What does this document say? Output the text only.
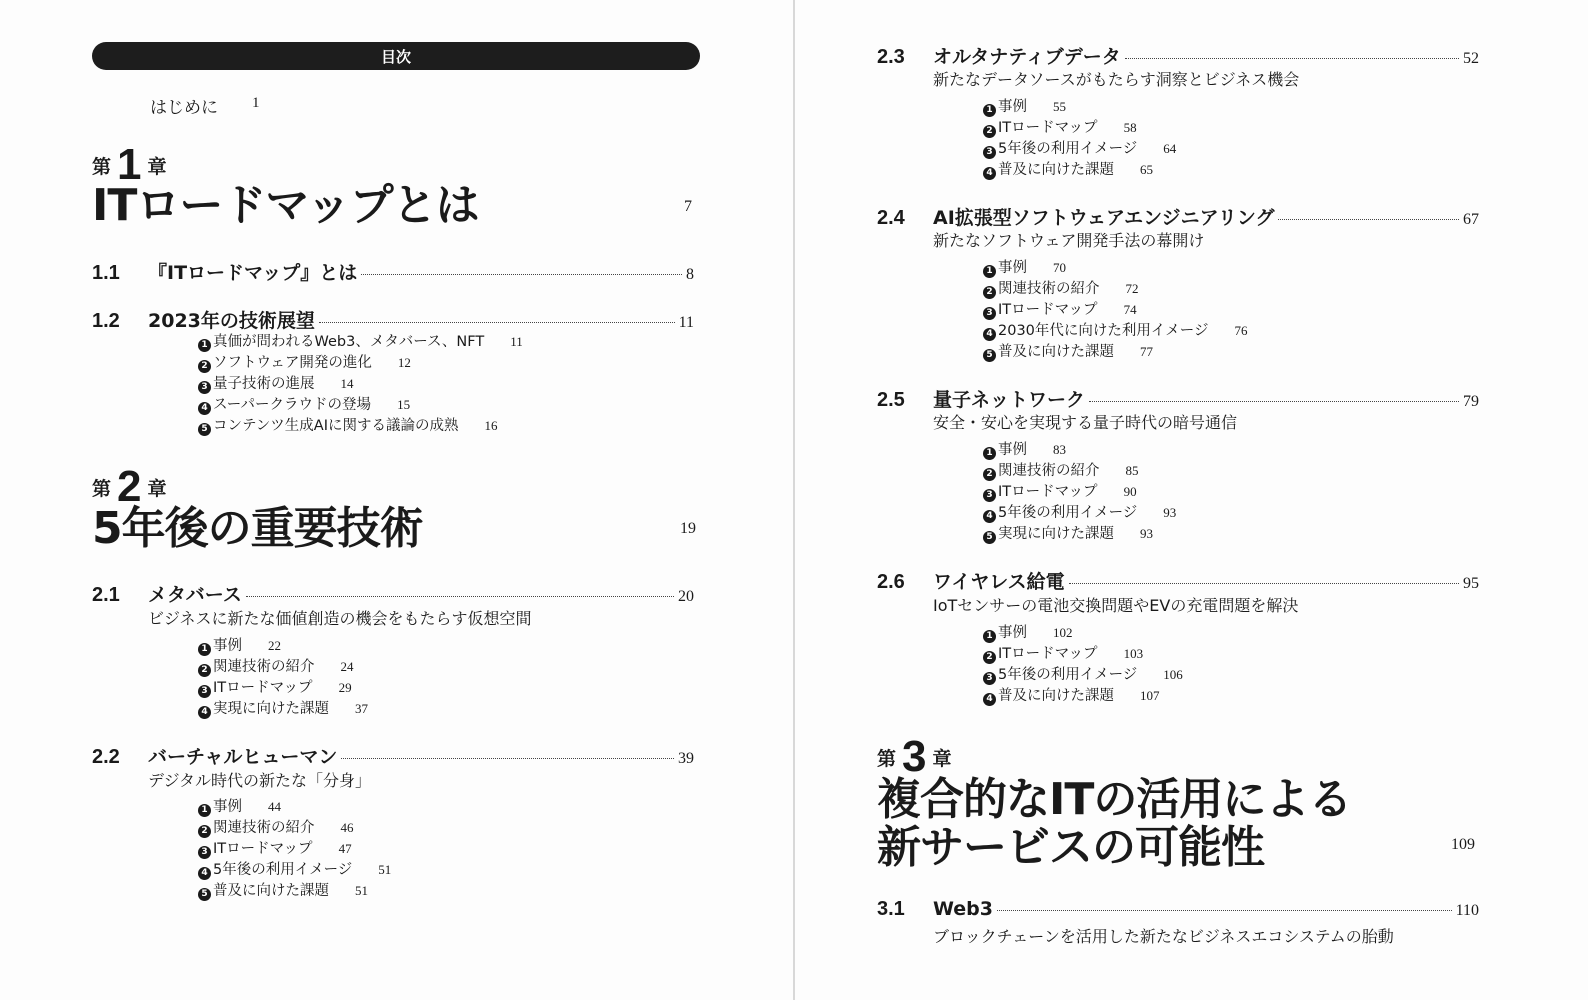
目次
はじめに 1
第 1 章
ITロードマップとは	7
1.1	『ITロードマップ』とは	8
1.2	2023年の技術展望	11
1 真価が問われるWeb3、メタバース、NFT 11
2 ソフトウェア開発の進化 12
3 量子技術の進展 14
4 スーパークラウドの登場 15
5 コンテンツ生成AIに関する議論の成熟 16
第 2 章
5年後の重要技術	19
2.1	メタバース	20
ビジネスに新たな価値創造の機会をもたらす仮想空間
1 事例 22
2 関連技術の紹介 24
3 ITロードマップ 29
4 実現に向けた課題 37
2.2	バーチャルヒューマン	39
デジタル時代の新たな「分身」
1 事例 44
2 関連技術の紹介 46
3 ITロードマップ 47
4 5年後の利用イメージ 51
5 普及に向けた課題 51
2.3	オルタナティブデータ	52
新たなデータソースがもたらす洞察とビジネス機会
1 事例 55
2 ITロードマップ 58
3 5年後の利用イメージ 64
4 普及に向けた課題 65
2.4	AI拡張型ソフトウェアエンジニアリング	67
新たなソフトウェア開発手法の幕開け
1 事例 70
2 関連技術の紹介 72
3 ITロードマップ 74
4 2030年代に向けた利用イメージ 76
5 普及に向けた課題 77
2.5	量子ネットワーク	79
安全・安心を実現する量子時代の暗号通信
1 事例 83
2 関連技術の紹介 85
3 ITロードマップ 90
4 5年後の利用イメージ 93
5 実現に向けた課題 93
2.6	ワイヤレス給電	95
IoTセンサーの電池交換問題やEVの充電問題を解決
1 事例 102
2 ITロードマップ 103
3 5年後の利用イメージ 106
4 普及に向けた課題 107
第 3 章
複合的なITの活用による
新サービスの可能性	109
3.1	Web3	110
ブロックチェーンを活用した新たなビジネスエコシステムの胎動
